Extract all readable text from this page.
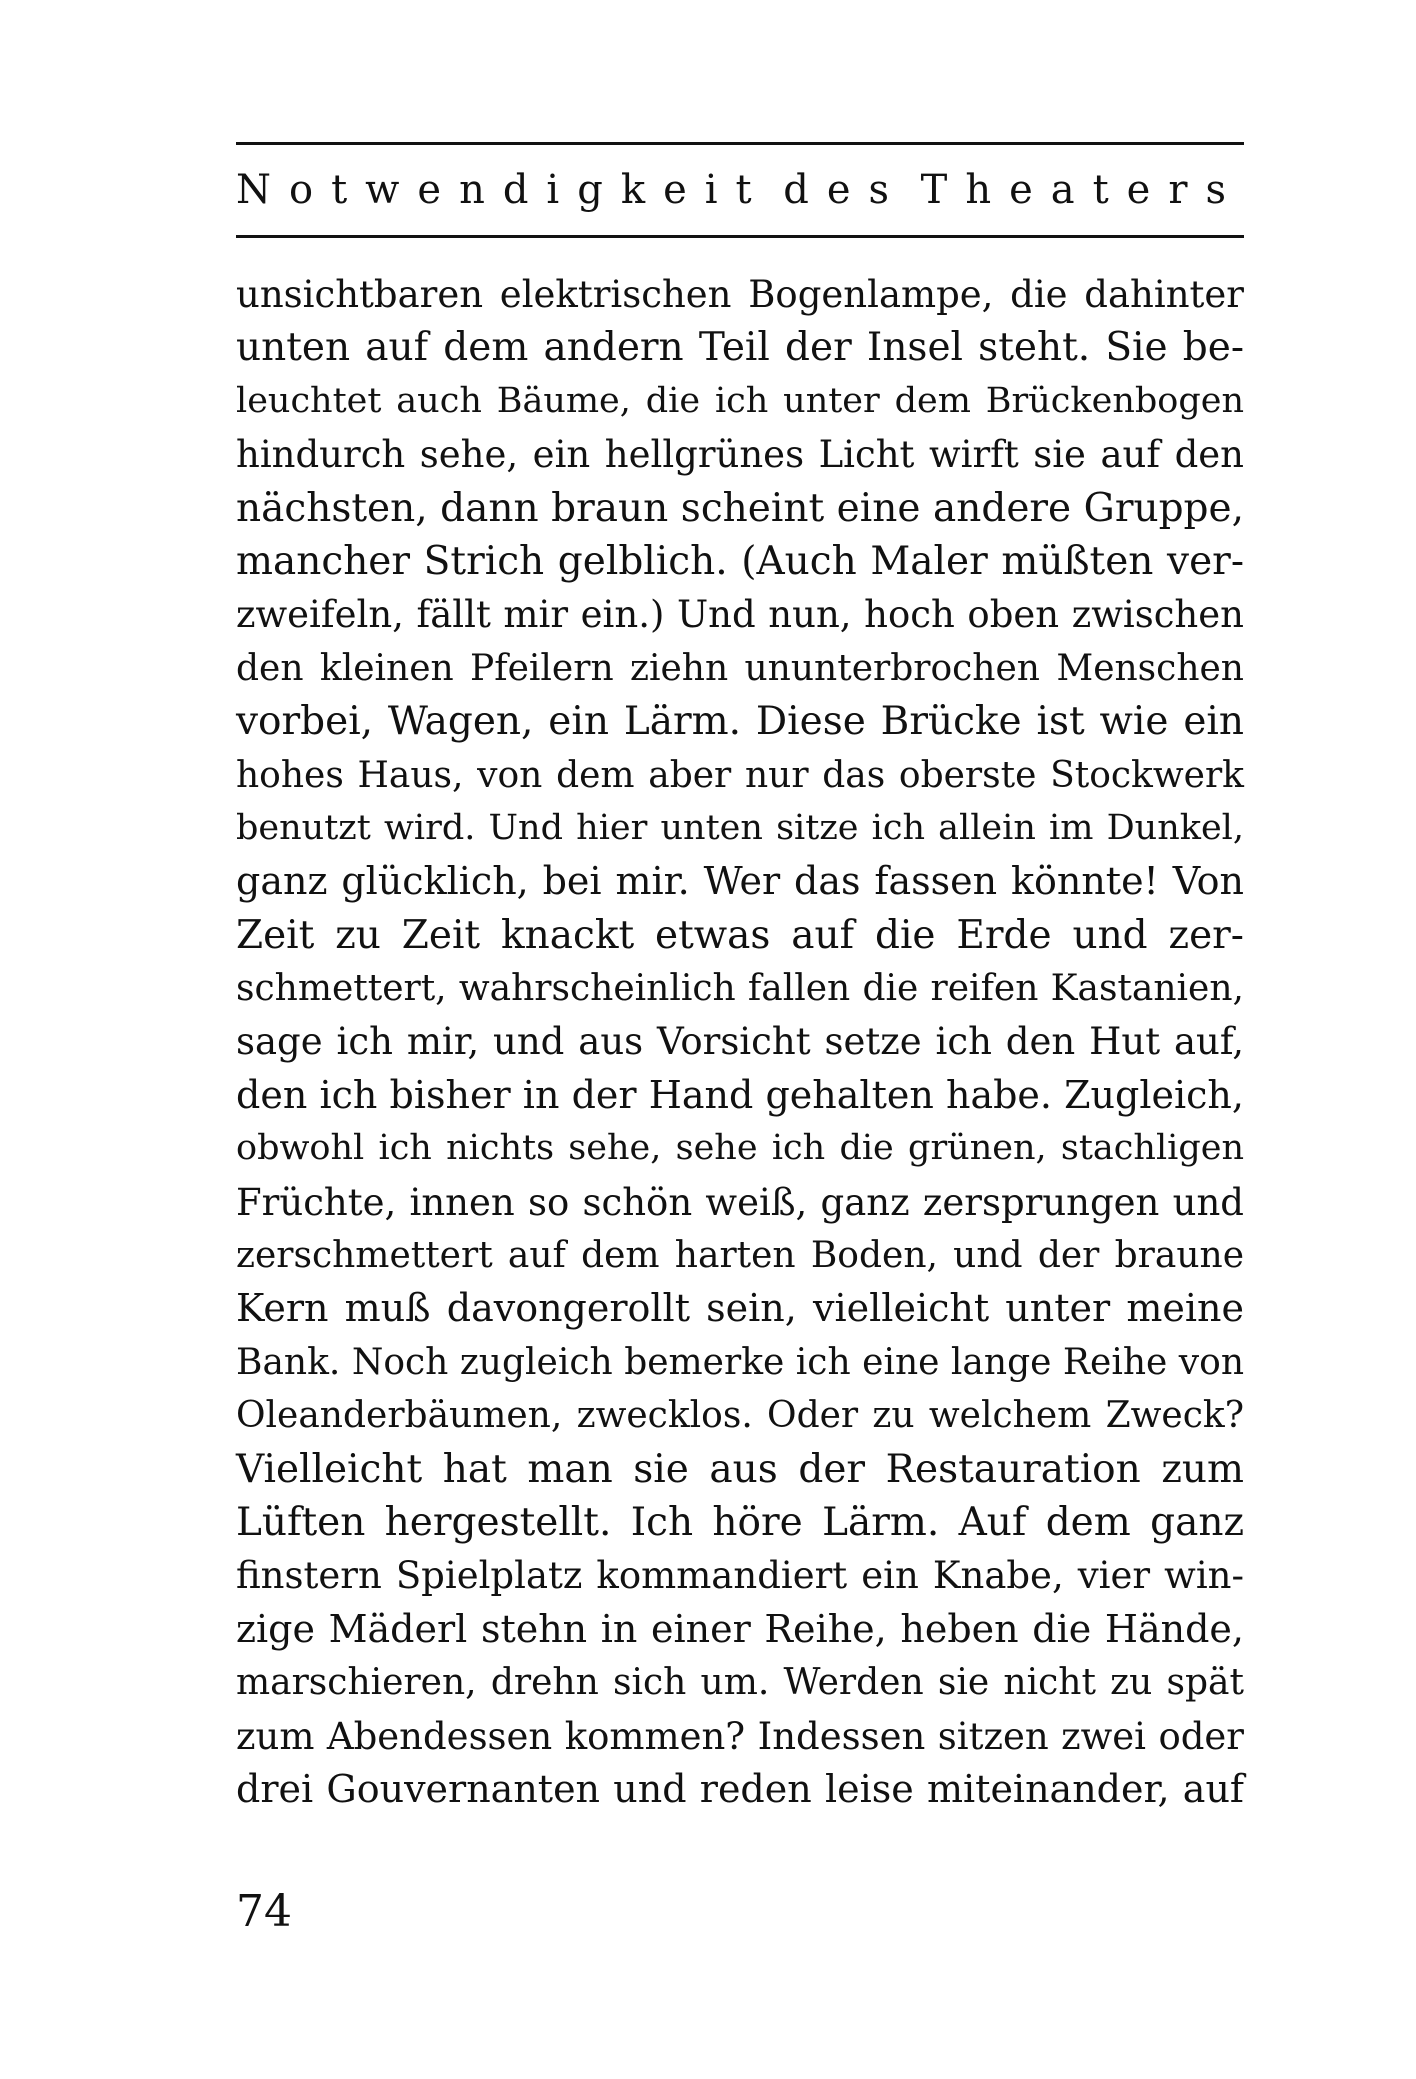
Notwendigkeit des Theaters
unsichtbaren elektrischen Bogenlampe, die dahinter
unten auf dem andern Teil der Insel steht. Sie be-
leuchtet auch Bäume, die ich unter dem Brückenbogen
hindurch sehe, ein hellgrünes Licht wirft sie auf den
nächsten, dann braun scheint eine andere Gruppe,
mancher Strich gelblich. (Auch Maler müßten ver-
zweifeln, fällt mir ein.) Und nun, hoch oben zwischen
den kleinen Pfeilern ziehn ununterbrochen Menschen
vorbei, Wagen, ein Lärm. Diese Brücke ist wie ein
hohes Haus, von dem aber nur das oberste Stockwerk
benutzt wird. Und hier unten sitze ich allein im Dunkel,
ganz glücklich, bei mir. Wer das fassen könnte! Von
Zeit zu Zeit knackt etwas auf die Erde und zer-
schmettert, wahrscheinlich fallen die reifen Kastanien,
sage ich mir, und aus Vorsicht setze ich den Hut auf,
den ich bisher in der Hand gehalten habe. Zugleich,
obwohl ich nichts sehe, sehe ich die grünen, stachligen
Früchte, innen so schön weiß, ganz zersprungen und
zerschmettert auf dem harten Boden, und der braune
Kern muß davongerollt sein, vielleicht unter meine
Bank. Noch zugleich bemerke ich eine lange Reihe von
Oleanderbäumen, zwecklos. Oder zu welchem Zweck?
Vielleicht hat man sie aus der Restauration zum
Lüften hergestellt. Ich höre Lärm. Auf dem ganz
finstern Spielplatz kommandiert ein Knabe, vier win-
zige Mäderl stehn in einer Reihe, heben die Hände,
marschieren, drehn sich um. Werden sie nicht zu spät
zum Abendessen kommen? Indessen sitzen zwei oder
drei Gouvernanten und reden leise miteinander, auf
74
